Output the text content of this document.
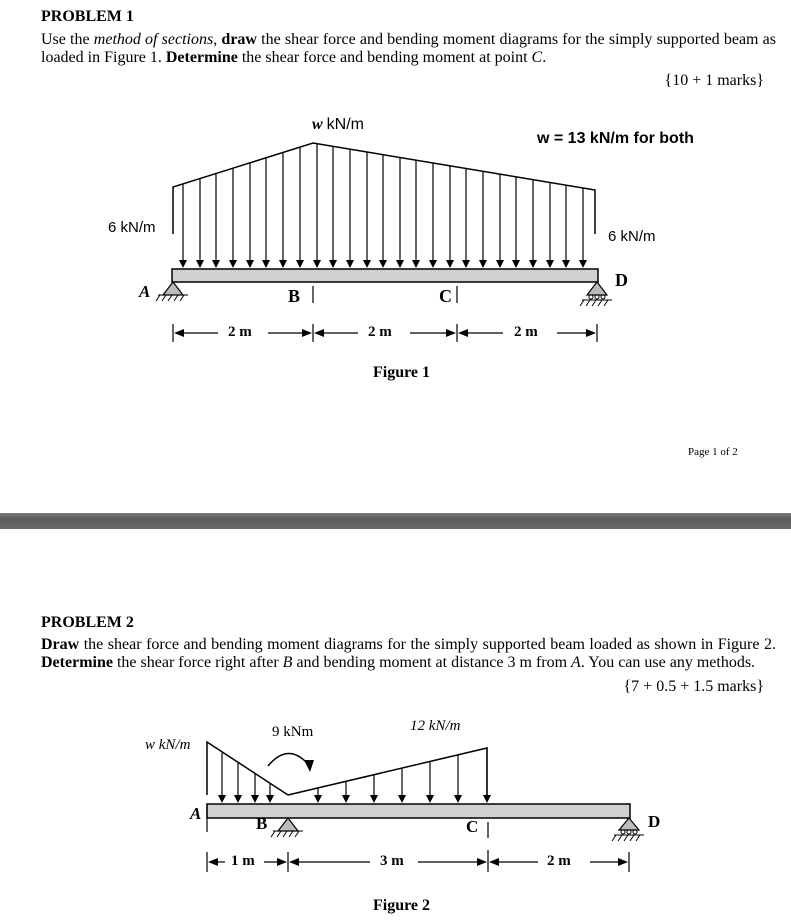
PROBLEM 1
Use the method of sections, draw the shear force and bending moment diagrams for the simply supported beam as loaded in Figure 1. Determine the shear force and bending moment at point C.
{10 + 1 marks}
w kN/m
w = 13 kN/m for both
6 kN/m
6 kN/m
A	B	C
D
2 m	2 m	2 m
Figure 1
Page 1 of 2
PROBLEM 2
Draw the shear force and bending moment diagrams for the simply supported beam loaded as shown in Figure 2. Determine the shear force right after B and bending moment at distance 3 m from A. You can use any methods.
{7 + 0.5 + 1.5 marks}
w kN/m
9 kNm	12 kN/m
A
B	C	D
1 m	3 m	2 m
Figure 2
